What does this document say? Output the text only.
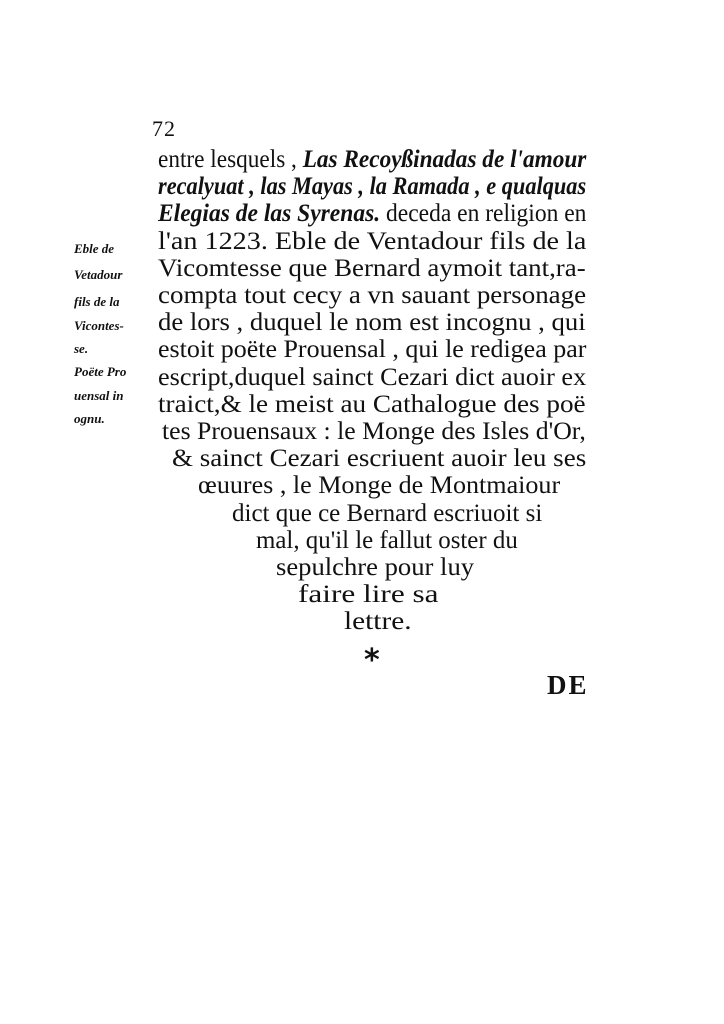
72
entre lesquels , Las Recoyßinadas de l'amour
recalyuat , las Mayas , la Ramada , e qualquas
Elegias de las Syrenas. deceda en religion en
l'an 1223. Eble de Ventadour fils de la
Vicomtesse que Bernard aymoit tant,ra-
compta tout cecy a vn sauant personage
de lors , duquel le nom est incognu , qui
estoit poëte Prouensal , qui le redigea par
escript,duquel sainct Cezari dict auoir ex
traict,& le meist au Cathalogue des poë
tes Prouensaux : le Monge des Isles d'Or,
& sainct Cezari escriuent auoir leu ses
œuures , le Monge de Montmaiour
dict que ce Bernard escriuoit si
mal, qu'il le fallut oster du
sepulchre pour luy
faire lire sa
lettre.
Eble de
Vetadour
fils de la
Vicontes-
se.
Poëte Pro
uensal in
ognu.
*
DE
